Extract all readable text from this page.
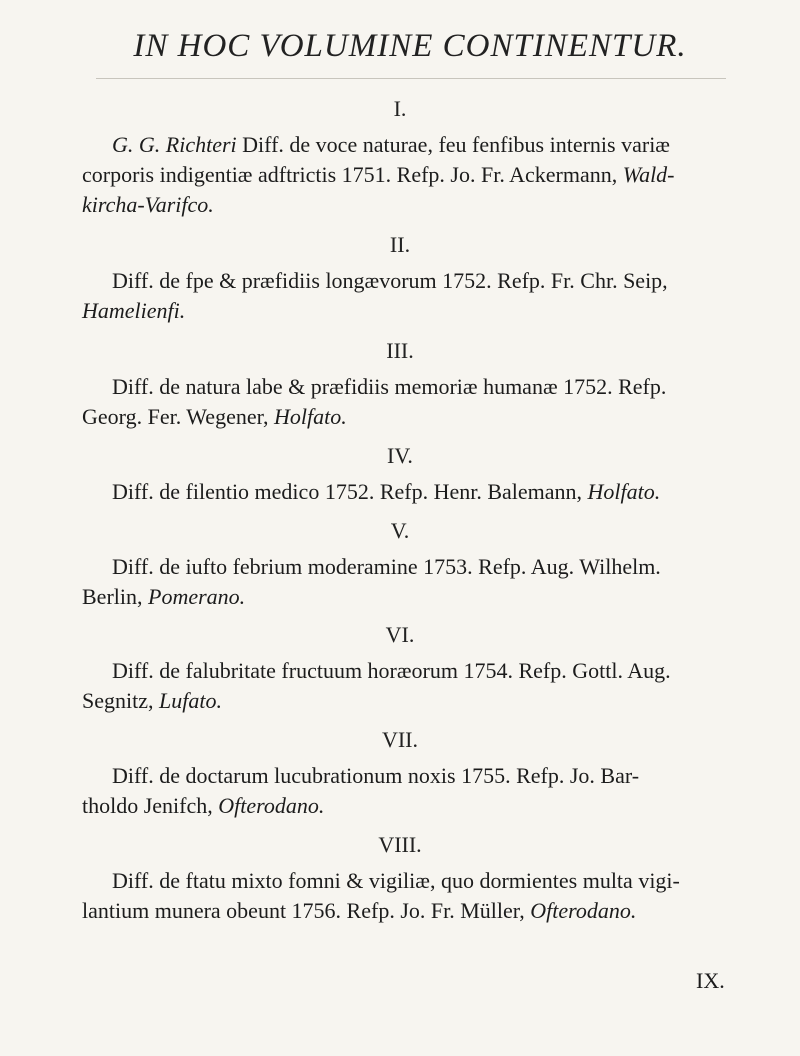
IN HOC VOLUMINE CONTINENTUR.
I.
G. G. Richteri Diff. de voce naturae, feu fenfibus internis variæ
corporis indigentiæ adftrictis 1751. Refp. Jo. Fr. Ackermann, Wald-
kircha-Varifco.
II.
Diff. de fpe & præfidiis longævorum 1752. Refp. Fr. Chr. Seip,
Hamelienfi.
III.
Diff. de natura labe & præfidiis memoriæ humanæ 1752. Refp.
Georg. Fer. Wegener, Holfato.
IV.
Diff. de filentio medico 1752. Refp. Henr. Balemann, Holfato.
V.
Diff. de iufto febrium moderamine 1753. Refp. Aug. Wilhelm.
Berlin, Pomerano.
VI.
Diff. de falubritate fructuum horæorum 1754. Refp. Gottl. Aug.
Segnitz, Lufato.
VII.
Diff. de doctarum lucubrationum noxis 1755. Refp. Jo. Bar-
tholdo Jenifch, Ofterodano.
VIII.
Diff. de ftatu mixto fomni & vigiliæ, quo dormientes multa vigi-
lantium munera obeunt 1756. Refp. Jo. Fr. Müller, Ofterodano.
IX.
